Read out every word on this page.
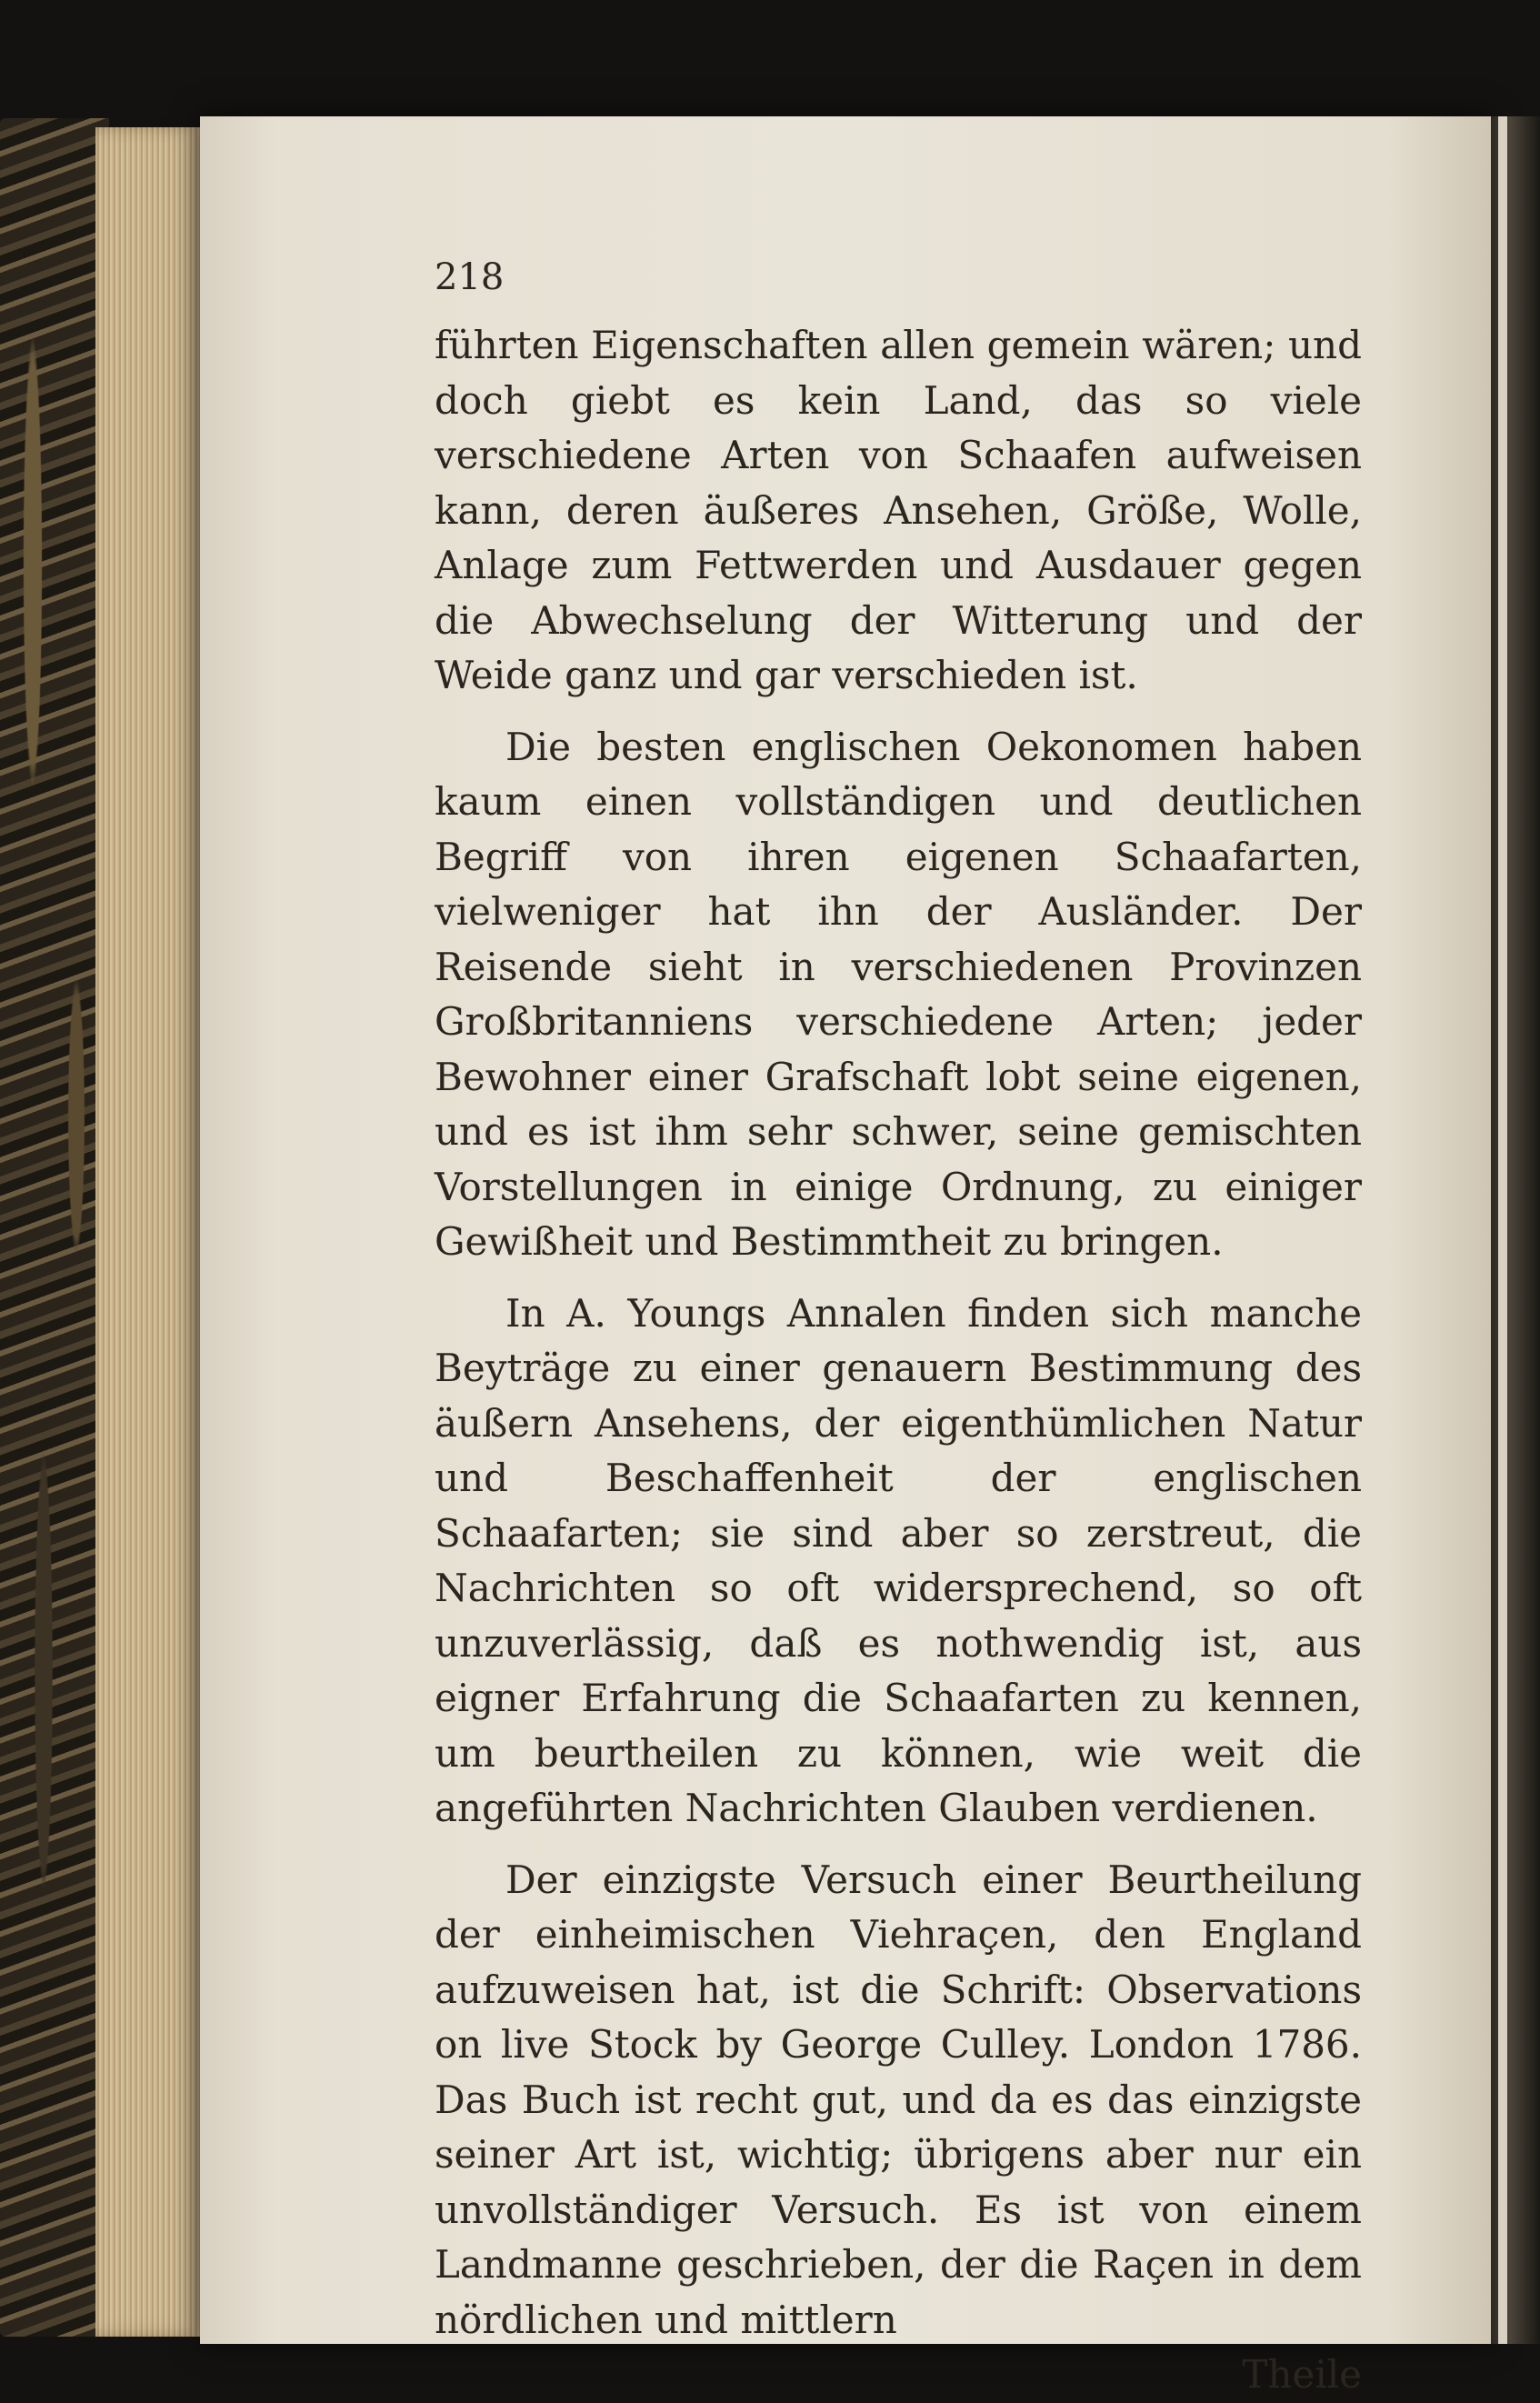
218

führten Eigenschaften allen gemein wären; und doch giebt es kein Land, das so viele verschiedene Arten von Schaafen aufweisen kann, deren äußeres Ansehen, Größe, Wolle, Anlage zum Fettwerden und Ausdauer gegen die Abwechselung der Witterung und der Weide ganz und gar verschieden ist.

Die besten englischen Oekonomen haben kaum einen vollständigen und deutlichen Begriff von ihren eigenen Schaafarten, vielweniger hat ihn der Ausländer. Der Reisende sieht in verschiedenen Provinzen Großbritanniens verschiedene Arten; jeder Bewohner einer Grafschaft lobt seine eigenen, und es ist ihm sehr schwer, seine gemischten Vorstellungen in einige Ordnung, zu einiger Gewißheit und Bestimmtheit zu bringen.

In A. Youngs Annalen finden sich manche Beyträge zu einer genauern Bestimmung des äußern Ansehens, der eigenthümlichen Natur und Beschaffenheit der englischen Schaafarten; sie sind aber so zerstreut, die Nachrichten so oft widersprechend, so oft unzuverlässig, daß es nothwendig ist, aus eigner Erfahrung die Schaafarten zu kennen, um beurtheilen zu können, wie weit die angeführten Nachrichten Glauben verdienen.

Der einzigste Versuch einer Beurtheilung der einheimischen Viehraçen, den England aufzuweisen hat, ist die Schrift: Observations on live Stock by George Culley. London 1786. Das Buch ist recht gut, und da es das einzigste seiner Art ist, wichtig; übrigens aber nur ein unvollständiger Versuch. Es ist von einem Landmanne geschrieben, der die Raçen in dem nördlichen und mittlern

Theile
